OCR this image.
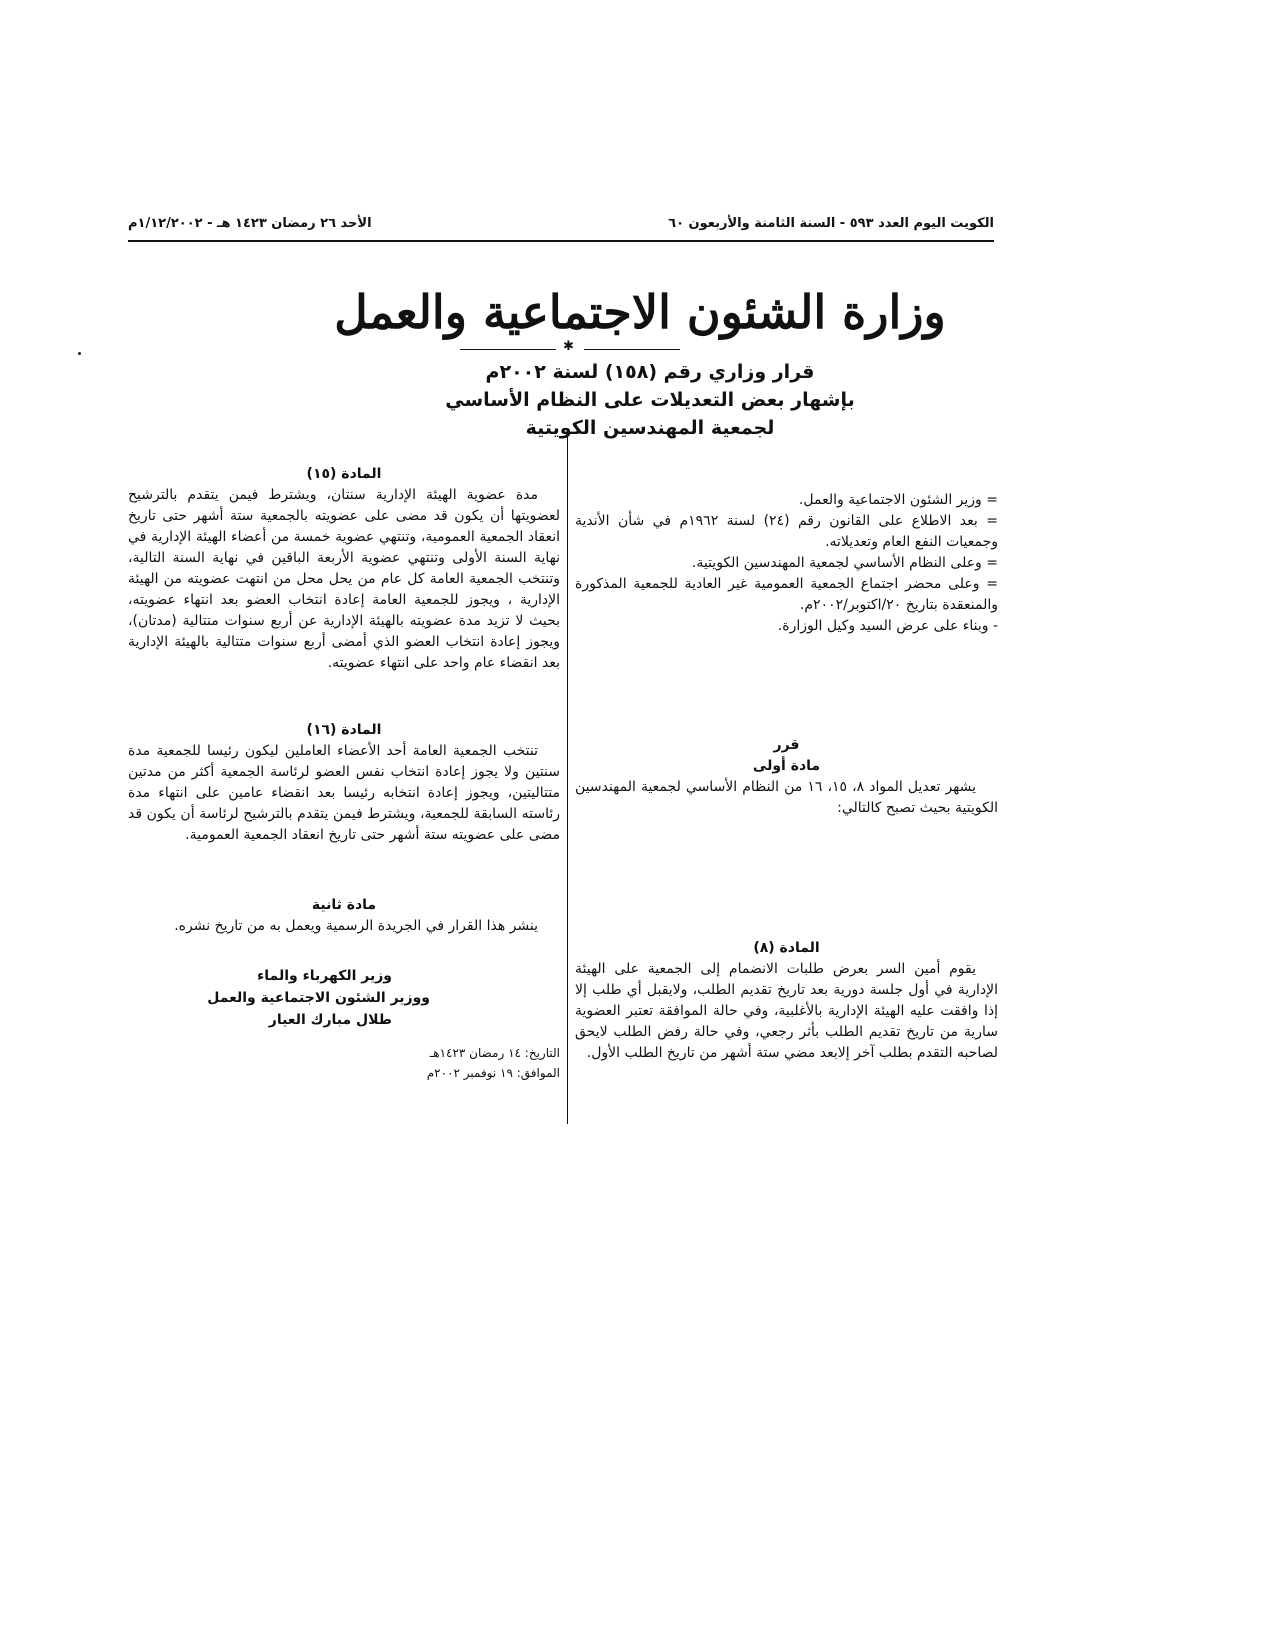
الكويت اليوم العدد ٥٩٣ - السنة الثامنة والأربعون ٦٠
الأحد ٢٦ رمضان ١٤٢٣ هـ - ١/١٢/٢٠٠٢م
وزارة الشئون الاجتماعية والعمل
✱
قرار وزاري رقم (١٥٨) لسنة ٢٠٠٢م
بإشهار بعض التعديلات على النظام الأساسي
لجمعية المهندسين الكويتية
= وزير الشئون الاجتماعية والعمل.
= بعد الاطلاع على القانون رقم (٢٤) لسنة ١٩٦٢م في شأن الأندية وجمعيات النفع العام وتعديلاته.
= وعلى النظام الأساسي لجمعية المهندسين الكويتية.
= وعلى محضر اجتماع الجمعية العمومية غير العادية للجمعية المذكورة والمنعقدة بتاريخ ٢٠/اكتوبر/٢٠٠٢م.
- وبناء على عرض السيد وكيل الوزارة.
قرر
مادة أولى
يشهر تعديل المواد ٨، ١٥، ١٦ من النظام الأساسي لجمعية المهندسين الكويتية بحيث تصبح كالتالي:
المادة (٨)
يقوم أمين السر بعرض طلبات الانضمام إلى الجمعية على الهيئة الإدارية في أول جلسة دورية بعد تاريخ تقديم الطلب، ولايقبل أي طلب إلا إذا وافقت عليه الهيئة الإدارية بالأغلبية، وفي حالة الموافقة تعتبر العضوية سارية من تاريخ تقديم الطلب بأثر رجعي، وفي حالة رفض الطلب لايحق لصاحبه التقدم بطلب آخر إلابعد مضي ستة أشهر من تاريخ الطلب الأول.
المادة (١٥)
مدة عضوية الهيئة الإدارية سنتان، ويشترط فيمن يتقدم بالترشيح لعضويتها أن يكون قد مضى على عضويته بالجمعية ستة أشهر حتى تاريخ انعقاد الجمعية العمومية، وتنتهي عضوية خمسة من أعضاء الهيئة الإدارية في نهاية السنة الأولى وتنتهي عضوية الأربعة الباقين في نهاية السنة التالية، وتنتخب الجمعية العامة كل عام من يحل محل من انتهت عضويته من الهيئة الإدارية ، ويجوز للجمعية العامة إعادة انتخاب العضو بعد انتهاء عضويته، بحيث لا تزيد مدة عضويته بالهيئة الإدارية عن أربع سنوات متتالية (مدتان)، ويجوز إعادة انتخاب العضو الذي أمضى أربع سنوات متتالية بالهيئة الإدارية بعد انقضاء عام واحد على انتهاء عضويته.
المادة (١٦)
تنتخب الجمعية العامة أحد الأعضاء العاملين ليكون رئيسا للجمعية مدة سنتين ولا يجوز إعادة انتخاب نفس العضو لرئاسة الجمعية أكثر من مدتين متتاليتين، ويجوز إعادة انتخابه رئيسا بعد انقضاء عامين على انتهاء مدة رئاسته السابقة للجمعية، ويشترط فيمن يتقدم بالترشيح لرئاسة أن يكون قد مضى على عضويته ستة أشهر حتى تاريخ انعقاد الجمعية العمومية.
مادة ثانية
ينشر هذا القرار في الجريدة الرسمية ويعمل به من تاريخ نشره.
وزير الكهرباء والماء
ووزير الشئون الاجتماعية والعمل
طلال مبارك العيار
التاريخ: ١٤ رمضان ١٤٢٣هـ
الموافق: ١٩ نوفمبر ٢٠٠٢م
